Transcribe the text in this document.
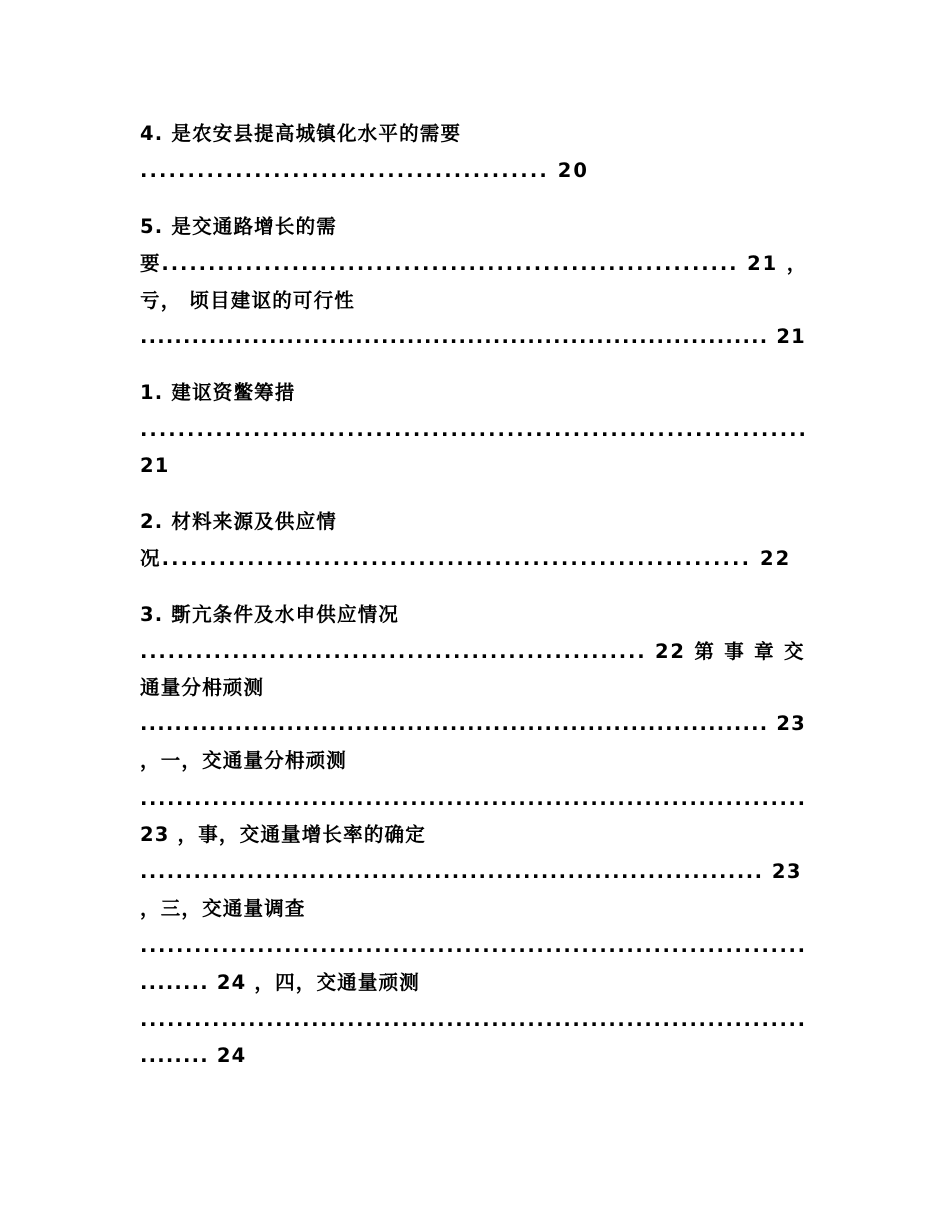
4. 是农安县提高城镇化水平的需要
........................................... 20
5. 是交通路增长的需
要.............................................................. 21 ，
亏， 顷目建讴的可行性
......................................................................... 21
1. 建讴资鳖筹措
.......................................................................
21
2. 材料来源及供应情
况.............................................................. 22
3. 斲亢条件及水申供应情况
....................................................... 22 第 事 章 交
通量分枏顽测
......................................................................... 23
，一，交通量分枏顽测
..........................................................................
23 ，事，交通量增长率的确定
...................................................................... 23
，三，交通量调查
..........................................................................
........ 24 ，四，交通量顽测
..........................................................................
........ 24
